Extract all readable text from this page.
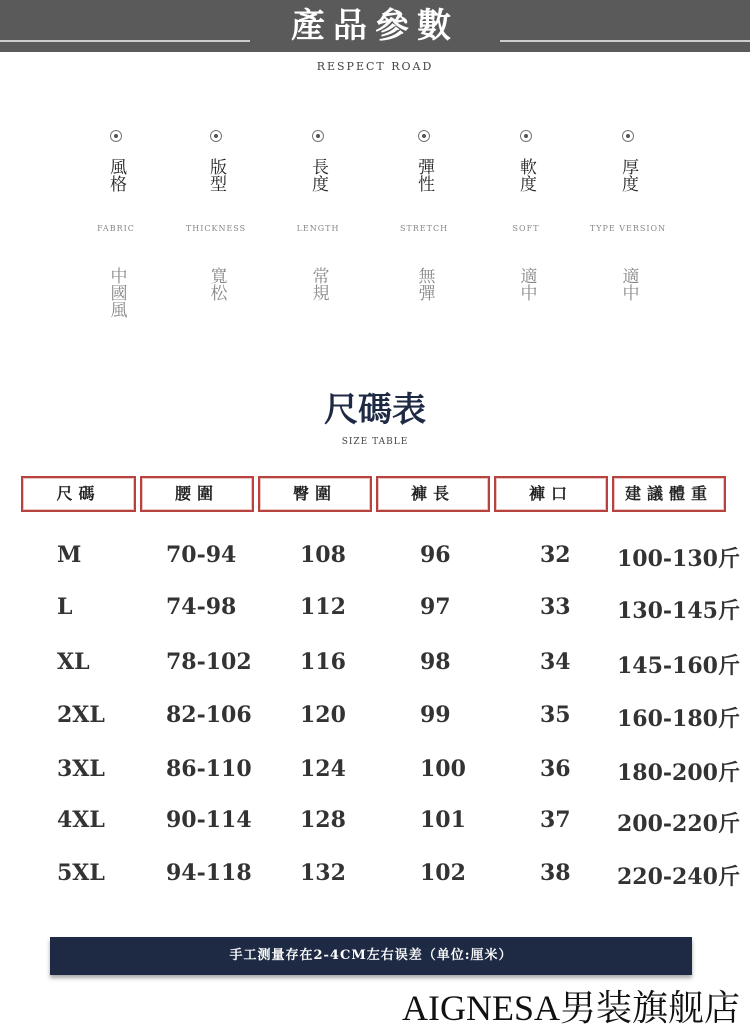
產品參數
RESPECT ROAD
風格
FABRIC
中國風
版型
THICKNESS
寬松
長度
LENGTH
常規
彈性
STRETCH
無彈
軟度
SOFT
適中
厚度
TYPE VERSION
適中
尺碼表
SIZE TABLE
尺碼	腰圍	臀圍	褲長	褲口	建議體重
M	70-94	108	96	32 100-130斤
L	74-98	112	97	33 130-145斤
XL	78-102 116	98	34 145-160斤
2XL	82-106 120	99	35 160-180斤
3XL	86-110 124	100	36 180-200斤
4XL	90-114 128	101	37 200-220斤
5XL	94-118 132	102	38 220-240斤
手工测量存在2-4CM左右误差（单位:厘米）
AIGNESA男装旗舰店
